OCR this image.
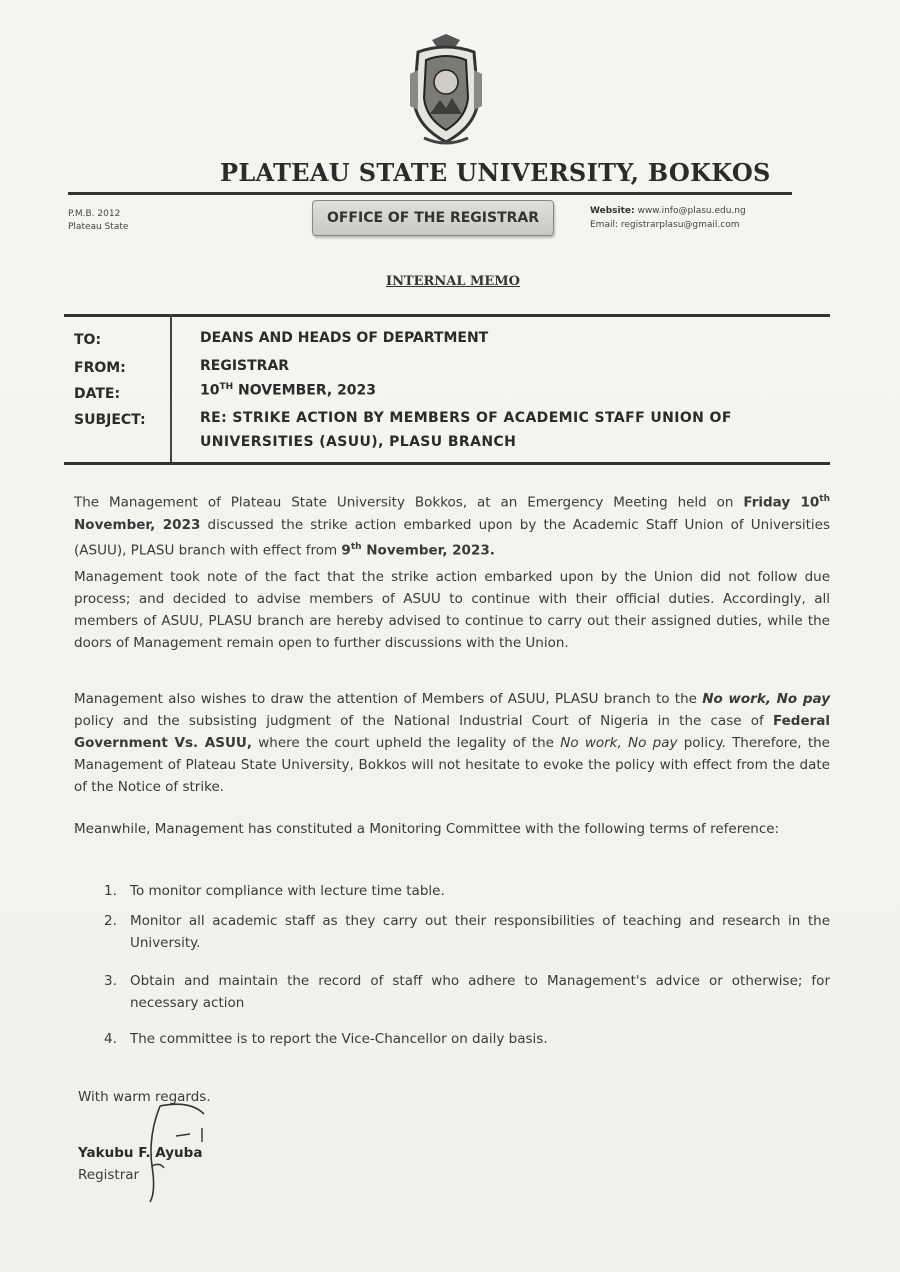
PLATEAU STATE UNIVERSITY, BOKKOS
P.M.B. 2012
Plateau State
OFFICE OF THE REGISTRAR	Website: www.info@plasu.edu.ng
Email: registrarplasu@gmail.com
INTERNAL MEMO
TO:	DEANS AND HEADS OF DEPARTMENT
FROM:	REGISTRAR
DATE:	10TH NOVEMBER, 2023
SUBJECT:	RE: STRIKE ACTION BY MEMBERS OF ACADEMIC STAFF UNION OF
UNIVERSITIES (ASUU), PLASU BRANCH
The Management of Plateau State University Bokkos, at an Emergency Meeting held on Friday 10th November, 2023 discussed the strike action embarked upon by the Academic Staff Union of Universities (ASUU), PLASU branch with effect from 9th November, 2023.
Management took note of the fact that the strike action embarked upon by the Union did not follow due process; and decided to advise members of ASUU to continue with their official duties. Accordingly, all members of ASUU, PLASU branch are hereby advised to continue to carry out their assigned duties, while the doors of Management remain open to further discussions with the Union.
Management also wishes to draw the attention of Members of ASUU, PLASU branch to the No work, No pay policy and the subsisting judgment of the National Industrial Court of Nigeria in the case of Federal Government Vs. ASUU, where the court upheld the legality of the No work, No pay policy. Therefore, the Management of Plateau State University, Bokkos will not hesitate to evoke the policy with effect from the date of the Notice of strike.
Meanwhile, Management has constituted a Monitoring Committee with the following terms of reference:
1. To monitor compliance with lecture time table.
2. Monitor all academic staff as they carry out their responsibilities of teaching and research in the University.
3. Obtain and maintain the record of staff who adhere to Management's advice or otherwise; for necessary action
4. The committee is to report the Vice-Chancellor on daily basis.
With warm regards.
Yakubu F. Ayuba
Registrar
